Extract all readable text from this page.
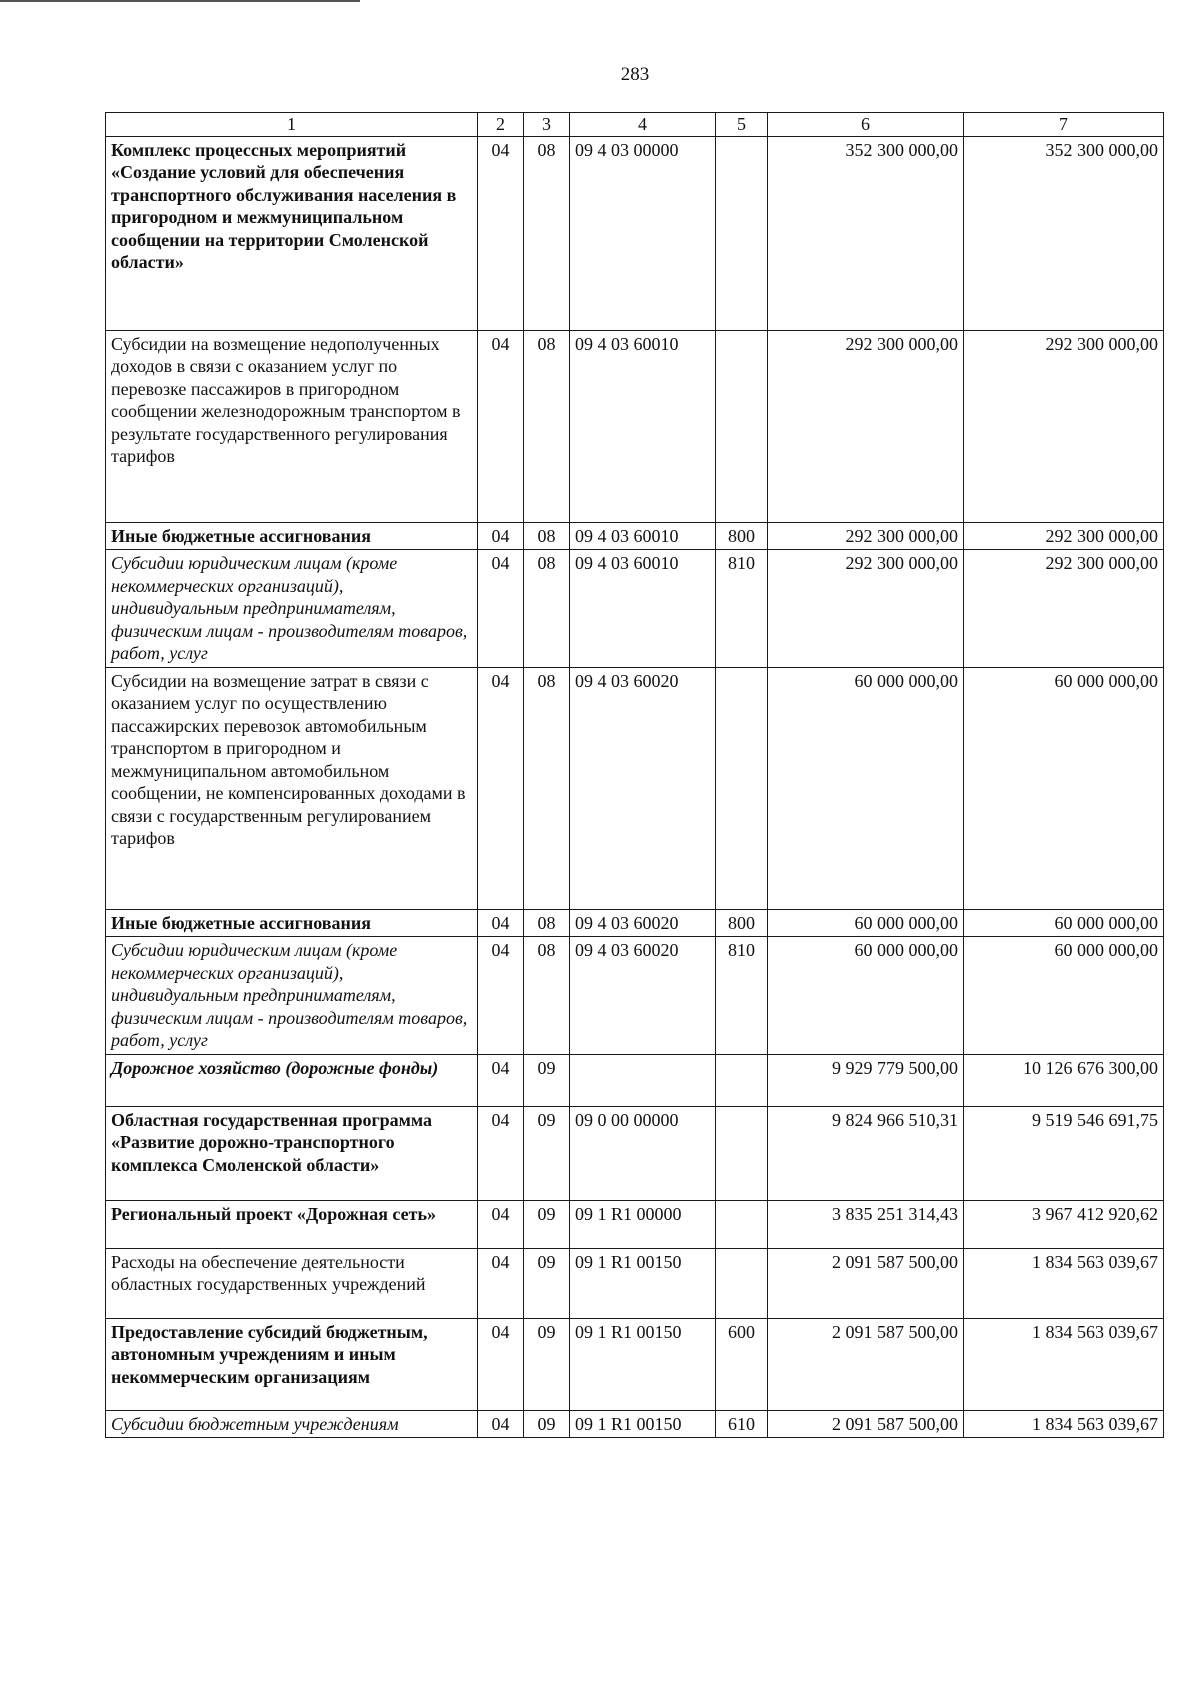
283
1	2	3	4	5	6	7
Комплекс процессных мероприятий «Создание условий для обеспечения транспортного обслуживания населения в пригородном и межмуниципальном сообщении на территории Смоленской области»	04	08	09 4 03 00000		352 300 000,00	352 300 000,00
Субсидии на возмещение недополученных доходов в связи с оказанием услуг по перевозке пассажиров в пригородном сообщении железнодорожным транспортом в результате государственного регулирования тарифов	04	08	09 4 03 60010		292 300 000,00	292 300 000,00
Иные бюджетные ассигнования	04	08	09 4 03 60010	800	292 300 000,00	292 300 000,00
Субсидии юридическим лицам (кроме некоммерческих организаций), индивидуальным предпринимателям, физическим лицам - производителям товаров, работ, услуг	04	08	09 4 03 60010	810	292 300 000,00	292 300 000,00
Субсидии на возмещение затрат в связи с оказанием услуг по осуществлению пассажирских перевозок автомобильным транспортом в пригородном и межмуниципальном автомобильном сообщении, не компенсированных доходами в связи с государственным регулированием тарифов	04	08	09 4 03 60020		60 000 000,00	60 000 000,00
Иные бюджетные ассигнования	04	08	09 4 03 60020	800	60 000 000,00	60 000 000,00
Субсидии юридическим лицам (кроме некоммерческих организаций), индивидуальным предпринимателям, физическим лицам - производителям товаров, работ, услуг	04	08	09 4 03 60020	810	60 000 000,00	60 000 000,00
Дорожное хозяйство (дорожные фонды)	04	09			9 929 779 500,00	10 126 676 300,00
Областная государственная программа «Развитие дорожно-транспортного комплекса Смоленской области»	04	09	09 0 00 00000		9 824 966 510,31	9 519 546 691,75
Региональный проект «Дорожная сеть»	04	09	09 1 R1 00000		3 835 251 314,43	3 967 412 920,62
Расходы на обеспечение деятельности областных государственных учреждений	04	09	09 1 R1 00150		2 091 587 500,00	1 834 563 039,67
Предоставление субсидий бюджетным, автономным учреждениям и иным некоммерческим организациям	04	09	09 1 R1 00150	600	2 091 587 500,00	1 834 563 039,67
Субсидии бюджетным учреждениям	04	09	09 1 R1 00150	610	2 091 587 500,00	1 834 563 039,67
